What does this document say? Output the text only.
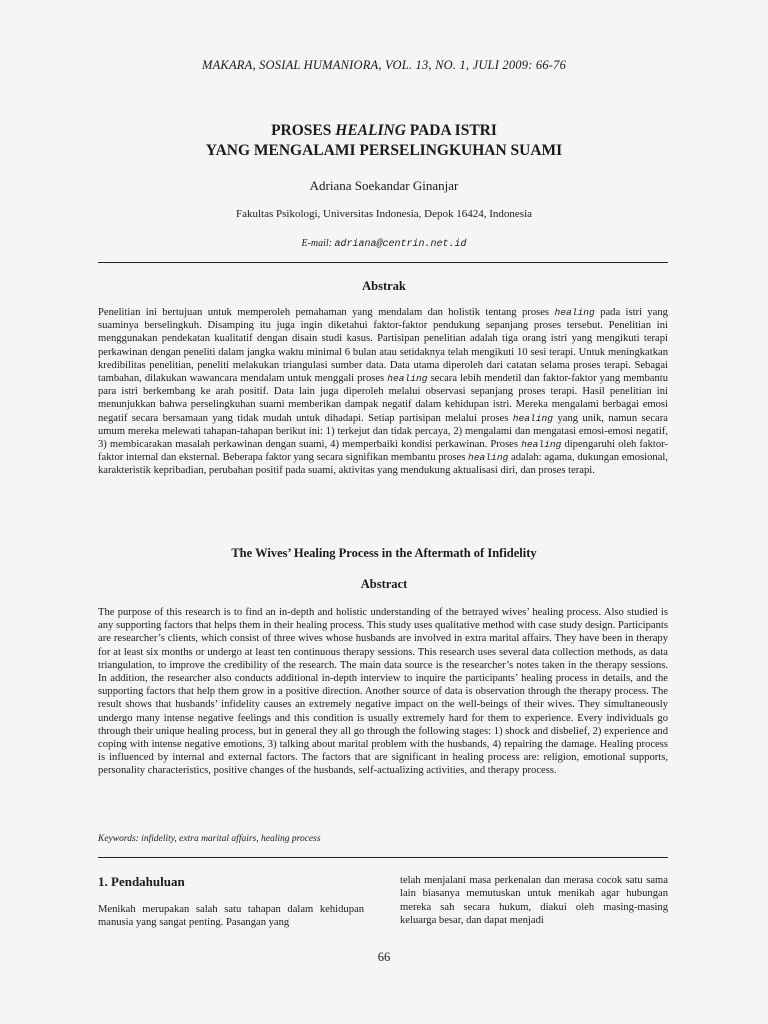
MAKARA, SOSIAL HUMANIORA, VOL. 13, NO. 1, JULI 2009: 66-76
PROSES HEALING PADA ISTRI
YANG MENGALAMI PERSELINGKUHAN SUAMI
Adriana Soekandar Ginanjar
Fakultas Psikologi, Universitas Indonesia, Depok 16424, Indonesia
E-mail: adriana@centrin.net.id
Abstrak
Penelitian ini bertujuan untuk memperoleh pemahaman yang mendalam dan holistik tentang proses healing pada istri yang suaminya berselingkuh. Disamping itu juga ingin diketahui faktor-faktor pendukung sepanjang proses tersebut. Penelitian ini menggunakan pendekatan kualitatif dengan disain studi kasus. Partisipan penelitian adalah tiga orang istri yang mengikuti terapi perkawinan dengan peneliti dalam jangka waktu minimal 6 bulan atau setidaknya telah mengikuti 10 sesi terapi. Untuk meningkatkan kredibilitas penelitian, peneliti melakukan triangulasi sumber data. Data utama diperoleh dari catatan selama proses terapi. Sebagai tambahan, dilakukan wawancara mendalam untuk menggali proses healing secara lebih mendetil dan faktor-faktor yang membantu para istri berkembang ke arah positif. Data lain juga diperoleh melalui observasi sepanjang proses terapi. Hasil penelitian ini menunjukkan bahwa perselingkuhan suami memberikan dampak negatif dalam kehidupan istri. Mereka mengalami berbagai emosi negatif secara bersamaan yang tidak mudah untuk dihadapi. Setiap partisipan melalui proses healing yang unik, namun secara umum mereka melewati tahapan-tahapan berikut ini: 1) terkejut dan tidak percaya, 2) mengalami dan mengatasi emosi-emosi negatif, 3) membicarakan masalah perkawinan dengan suami, 4) memperbaiki kondisi perkawinan. Proses healing dipengaruhi oleh faktor-faktor internal dan eksternal. Beberapa faktor yang secara signifikan membantu proses healing adalah: agama, dukungan emosional, karakteristik kepribadian, perubahan positif pada suami, aktivitas yang mendukung aktualisasi diri, dan proses terapi.
The Wives’ Healing Process in the Aftermath of Infidelity
Abstract
The purpose of this research is to find an in-depth and holistic understanding of the betrayed wives’ healing process. Also studied is any supporting factors that helps them in their healing process. This study uses qualitative method with case study design. Participants are researcher’s clients, which consist of three wives whose husbands are involved in extra marital affairs. They have been in therapy for at least six months or undergo at least ten continuous therapy sessions. This research uses several data collection methods, as data triangulation, to improve the credibility of the research. The main data source is the researcher’s notes taken in the therapy sessions. In addition, the researcher also conducts additional in-depth interview to inquire the participants’ healing process in details, and the supporting factors that help them grow in a positive direction. Another source of data is observation through the therapy process. The result shows that husbands’ infidelity causes an extremely negative impact on the well-beings of their wives. They simultaneously undergo many intense negative feelings and this condition is usually extremely hard for them to experience. Every individuals go through their unique healing process, but in general they all go through the following stages: 1) shock and disbelief, 2) experience and coping with intense negative emotions, 3) talking about marital problem with the husbands, 4) repairing the damage. Healing process is influenced by internal and external factors. The factors that are significant in healing process are: religion, emotional supports, personality characteristics, positive changes of the husbands, self-actualizing activities, and therapy process.
Keywords: infidelity, extra marital affairs, healing process
1. Pendahuluan

Menikah merupakan salah satu tahapan dalam kehidupan manusia yang sangat penting. Pasangan yang

telah menjalani masa perkenalan dan merasa cocok satu sama lain biasanya memutuskan untuk menikah agar hubungan mereka sah secara hukum, diakui oleh masing-masing keluarga besar, dan dapat menjadi

66
